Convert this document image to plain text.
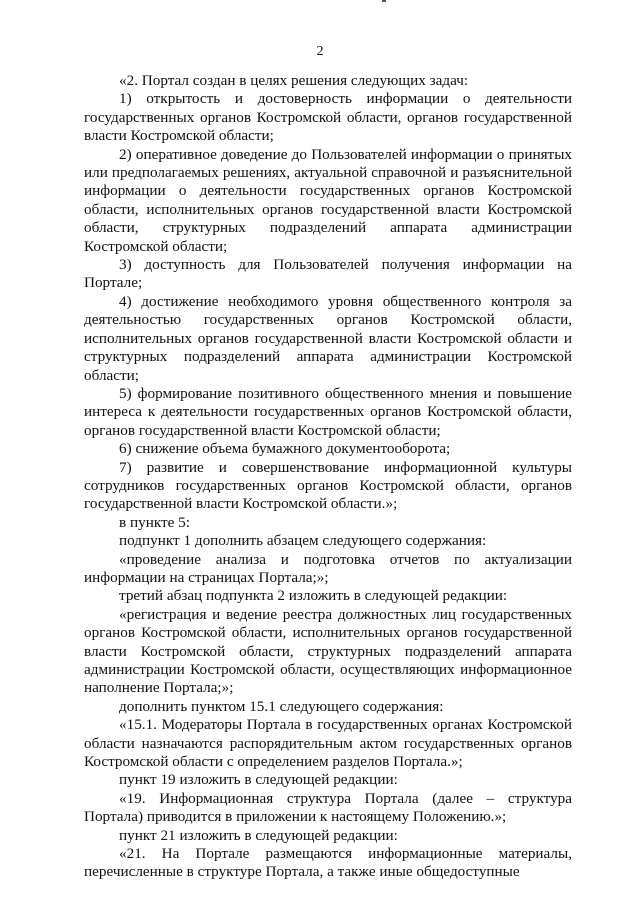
2

«2. Портал создан в целях решения следующих задач:

1) открытость и достоверность информации о деятельности государственных органов Костромской области, органов государственной власти Костромской области;

2) оперативное доведение до Пользователей информации о принятых или предполагаемых решениях, актуальной справочной и разъяснительной информации о деятельности государственных органов Костромской области, исполнительных органов государственной власти Костромской области, структурных подразделений аппарата администрации Костромской области;

3) доступность для Пользователей получения информации на Портале;

4) достижение необходимого уровня общественного контроля за деятельностью государственных органов Костромской области, исполнительных органов государственной власти Костромской области и структурных подразделений аппарата администрации Костромской области;

5) формирование позитивного общественного мнения и повышение интереса к деятельности государственных органов Костромской области, органов государственной власти Костромской области;

6) снижение объема бумажного документооборота;

7) развитие и совершенствование информационной культуры сотрудников государственных органов Костромской области, органов государственной власти Костромской области.»;

в пункте 5:

подпункт 1 дополнить абзацем следующего содержания:

«проведение анализа и подготовка отчетов по актуализации информации на страницах Портала;»;

третий абзац подпункта 2 изложить в следующей редакции:

«регистрация и ведение реестра должностных лиц государственных органов Костромской области, исполнительных органов государственной власти Костромской области, структурных подразделений аппарата администрации Костромской области, осуществляющих информационное наполнение Портала;»;

дополнить пунктом 15.1 следующего содержания:

«15.1. Модераторы Портала в государственных органах Костромской области назначаются распорядительным актом государственных органов Костромской области с определением разделов Портала.»;

пункт 19 изложить в следующей редакции:

«19. Информационная структура Портала (далее – структура Портала) приводится в приложении к настоящему Положению.»;

пункт 21 изложить в следующей редакции:

«21. На Портале размещаются информационные материалы, перечисленные в структуре Портала, а также иные общедоступные
